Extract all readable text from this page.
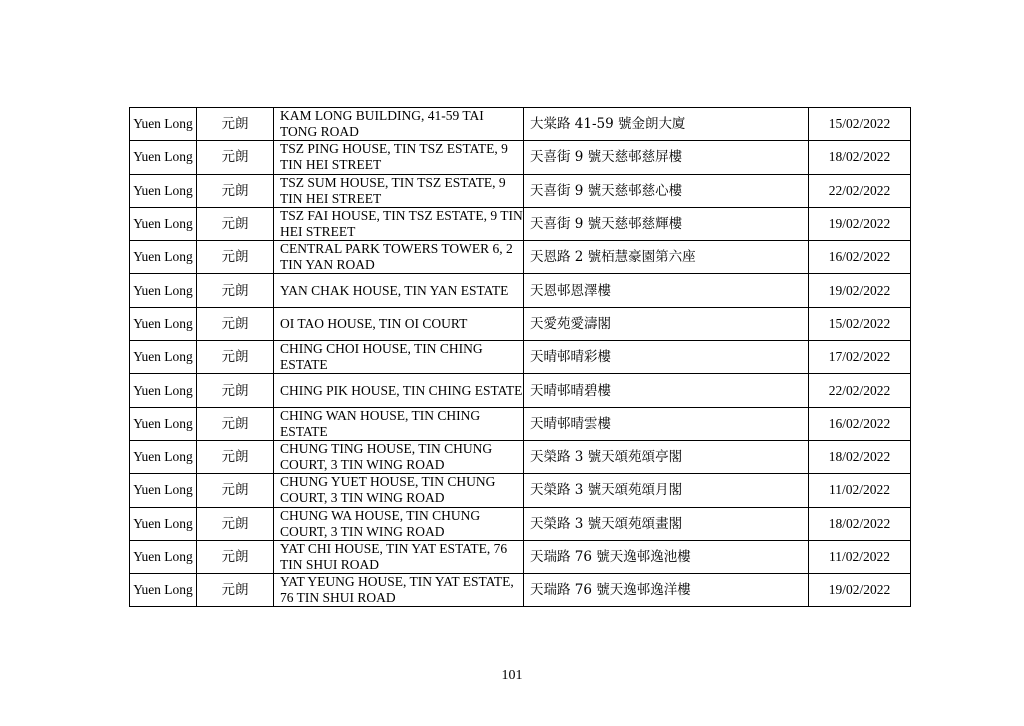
Yuen Long	元朗	KAM LONG BUILDING, 41-59 TAI TONG ROAD	大棠路 41-59 號金朗大廈	15/02/2022
Yuen Long	元朗	TSZ PING HOUSE, TIN TSZ ESTATE, 9 TIN HEI STREET	天喜街 9 號天慈邨慈屏樓	18/02/2022
Yuen Long	元朗	TSZ SUM HOUSE, TIN TSZ ESTATE, 9 TIN HEI STREET	天喜街 9 號天慈邨慈心樓	22/02/2022
Yuen Long	元朗	TSZ FAI HOUSE, TIN TSZ ESTATE, 9 TIN HEI STREET	天喜街 9 號天慈邨慈輝樓	19/02/2022
Yuen Long	元朗	CENTRAL PARK TOWERS TOWER 6, 2 TIN YAN ROAD	天恩路 2 號栢慧豪園第六座	16/02/2022
Yuen Long	元朗	YAN CHAK HOUSE, TIN YAN ESTATE	天恩邨恩澤樓	19/02/2022
Yuen Long	元朗	OI TAO HOUSE, TIN OI COURT	天愛苑愛濤閣	15/02/2022
Yuen Long	元朗	CHING CHOI HOUSE, TIN CHING ESTATE	天晴邨晴彩樓	17/02/2022
Yuen Long	元朗	CHING PIK HOUSE, TIN CHING ESTATE	天晴邨晴碧樓	22/02/2022
Yuen Long	元朗	CHING WAN HOUSE, TIN CHING ESTATE	天晴邨晴雲樓	16/02/2022
Yuen Long	元朗	CHUNG TING HOUSE, TIN CHUNG COURT, 3 TIN WING ROAD	天榮路 3 號天頌苑頌亭閣	18/02/2022
Yuen Long	元朗	CHUNG YUET HOUSE, TIN CHUNG COURT, 3 TIN WING ROAD	天榮路 3 號天頌苑頌月閣	11/02/2022
Yuen Long	元朗	CHUNG WA HOUSE, TIN CHUNG COURT, 3 TIN WING ROAD	天榮路 3 號天頌苑頌畫閣	18/02/2022
Yuen Long	元朗	YAT CHI HOUSE, TIN YAT ESTATE, 76 TIN SHUI ROAD	天瑞路 76 號天逸邨逸池樓	11/02/2022
Yuen Long	元朗	YAT YEUNG HOUSE, TIN YAT ESTATE, 76 TIN SHUI ROAD	天瑞路 76 號天逸邨逸洋樓	19/02/2022
101
